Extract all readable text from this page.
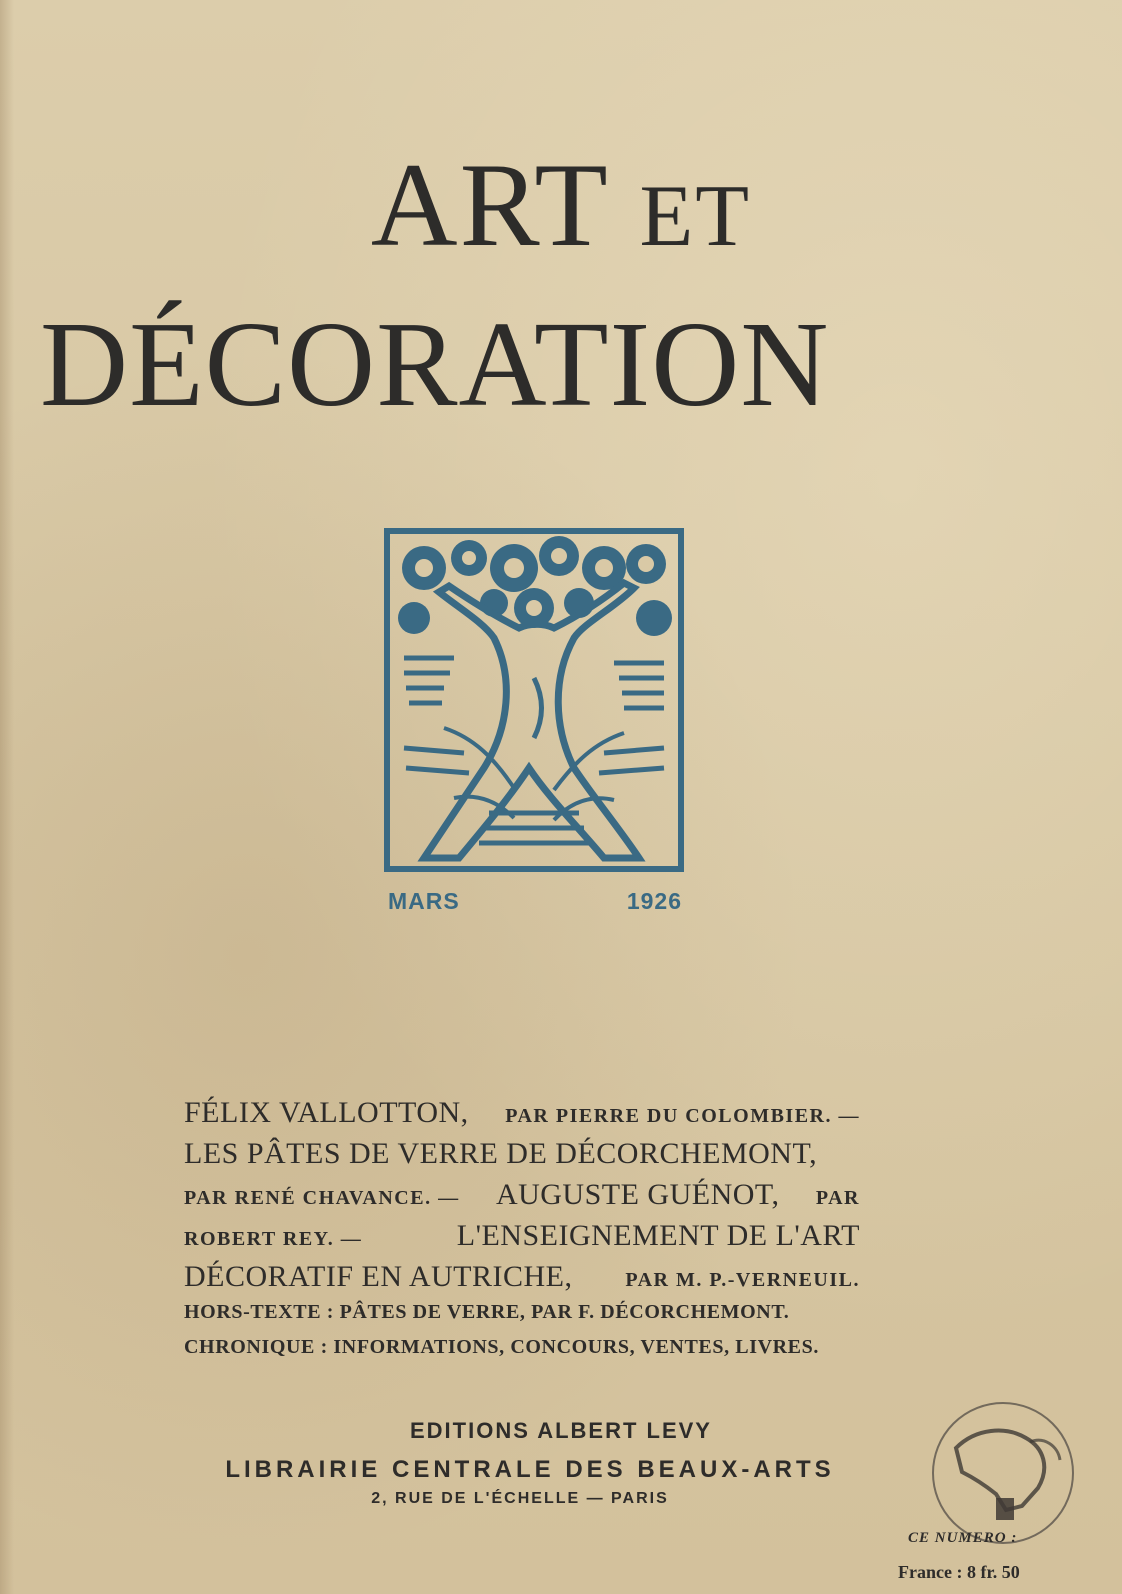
ART ET
DÉCORATION
MARS	1926
FÉLIX VALLOTTON, PAR PIERRE DU COLOMBIER. —
LES PÂTES DE VERRE DE DÉCORCHEMONT,
PAR RENÉ CHAVANCE. — AUGUSTE GUÉNOT, PAR
ROBERT REY. —	L'ENSEIGNEMENT DE L'ART
DÉCORATIF EN AUTRICHE,	PAR M. P.-VERNEUIL.
HORS-TEXTE : PÂTES DE VERRE, PAR F. DÉCORCHEMONT.
CHRONIQUE : INFORMATIONS, CONCOURS, VENTES, LIVRES.
EDITIONS ALBERT LEVY
LIBRAIRIE CENTRALE DES BEAUX-ARTS
2, RUE DE L'ÉCHELLE — PARIS
CE NUMERO :
France : 8 fr. 50
